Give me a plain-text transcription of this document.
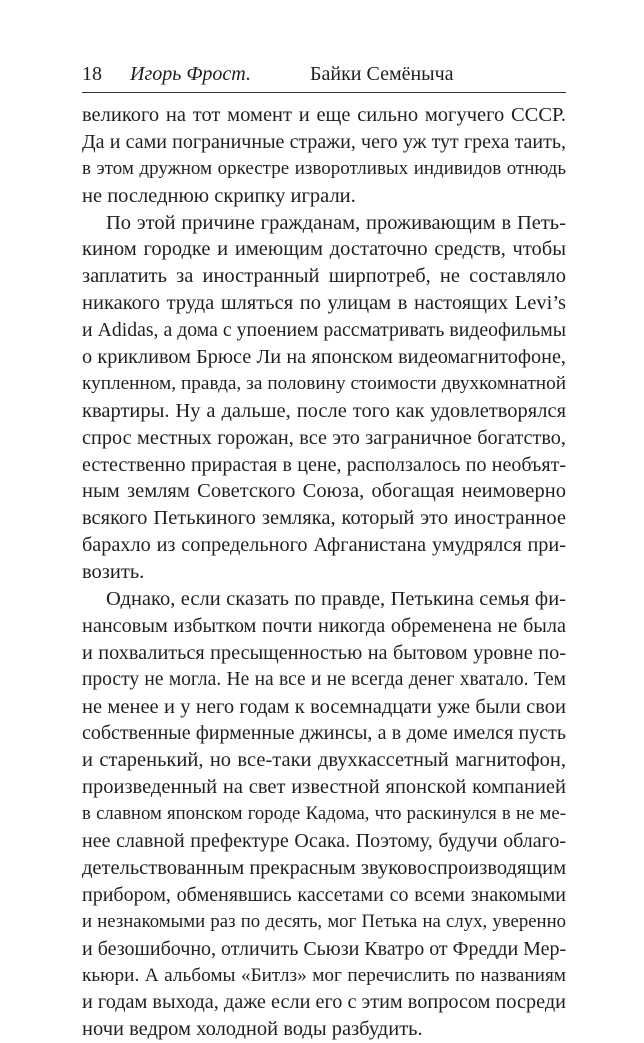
18 Игорь Фрост.	Байки Семёныча
великого на тот момент и еще сильно могучего СССР.
Да и сами пограничные стражи, чего уж тут греха таить,
в этом дружном оркестре изворотливых индивидов отнюдь
не последнюю скрипку играли.
По этой причине гражданам, проживающим в Петь-
кином городке и имеющим достаточно средств, чтобы
заплатить за иностранный ширпотреб, не составляло
никакого труда шляться по улицам в настоящих Levi’s
и Adidas, а дома с упоением рассматривать видеофильмы
о крикливом Брюсе Ли на японском видеомагнитофоне,
купленном, правда, за половину стоимости двухкомнатной
квартиры. Ну а дальше, после того как удовлетворялся
спрос местных горожан, все это заграничное богатство,
естественно прирастая в цене, расползалось по необъят-
ным землям Советского Союза, обогащая неимоверно
всякого Петькиного земляка, который это иностранное
барахло из сопредельного Афганистана умудрялся при-
возить.
Однако, если сказать по правде, Петькина семья фи-
нансовым избытком почти никогда обременена не была
и похвалиться пресыщенностью на бытовом уровне по-
просту не могла. Не на все и не всегда денег хватало. Тем
не менее и у него годам к восемнадцати уже были свои
собственные фирменные джинсы, а в доме имелся пусть
и старенький, но все-таки двухкассетный магнитофон,
произведенный на свет известной японской компанией
в славном японском городе Кадома, что раскинулся в не ме-
нее славной префектуре Осака. Поэтому, будучи облаго-
детельствованным прекрасным звуковоспроизводящим
прибором, обменявшись кассетами со всеми знакомыми
и незнакомыми раз по десять, мог Петька на слух, уверенно
и безошибочно, отличить Сьюзи Кватро от Фредди Мер-
кьюри. А альбомы «Битлз» мог перечислить по названиям
и годам выхода, даже если его с этим вопросом посреди
ночи ведром холодной воды разбудить.
